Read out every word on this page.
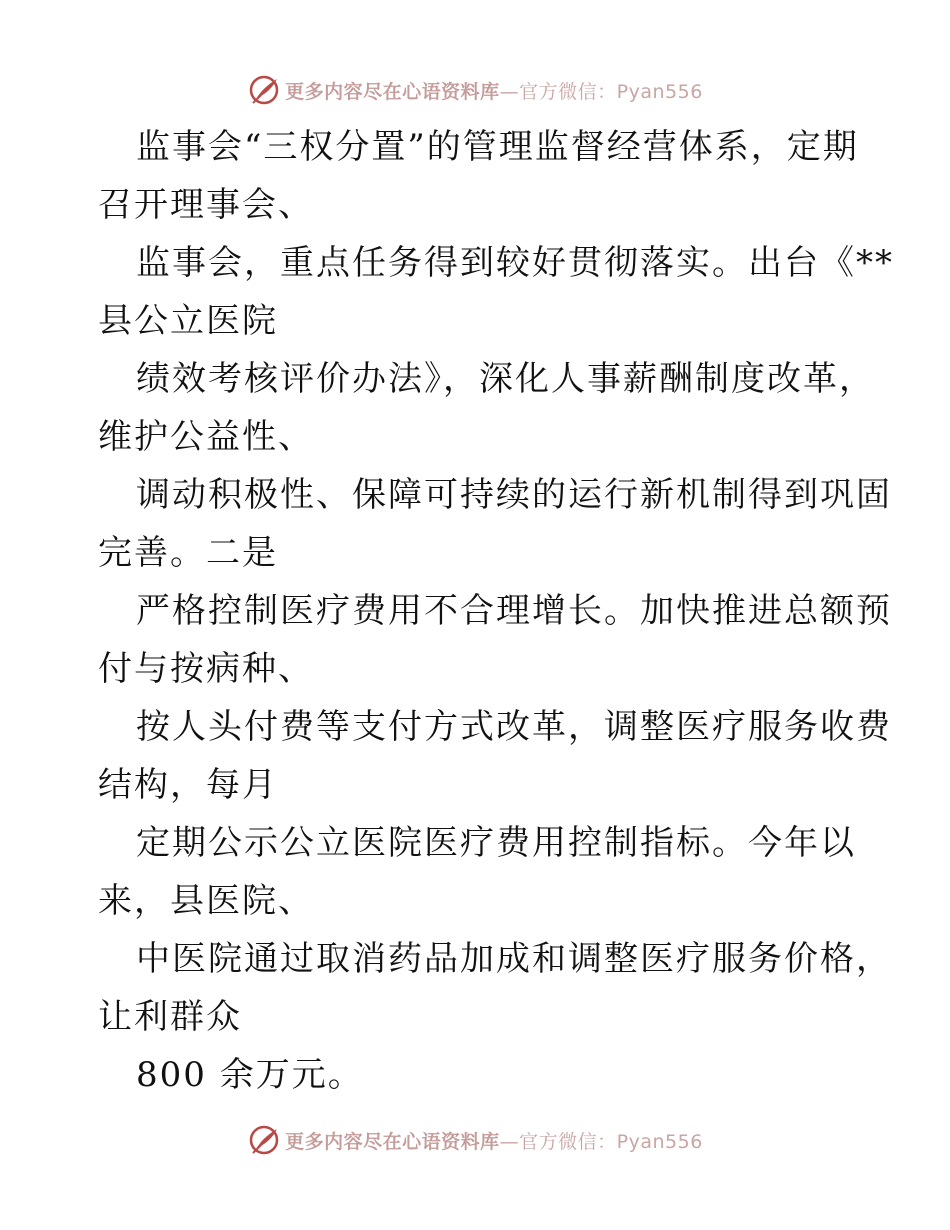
更多内容尽在心语资料库—官方微信：Pyan556
监事会“三权分置”的管理监督经营体系，定期
召开理事会、
监事会，重点任务得到较好贯彻落实。出台《**
县公立医院
绩效考核评价办法》，深化人事薪酬制度改革，
维护公益性、
调动积极性、保障可持续的运行新机制得到巩固
完善。二是
严格控制医疗费用不合理增长。加快推进总额预
付与按病种、
按人头付费等支付方式改革，调整医疗服务收费
结构，每月
定期公示公立医院医疗费用控制指标。今年以
来，县医院、
中医院通过取消药品加成和调整医疗服务价格，
让利群众
800 余万元。
更多内容尽在心语资料库—官方微信：Pyan556
